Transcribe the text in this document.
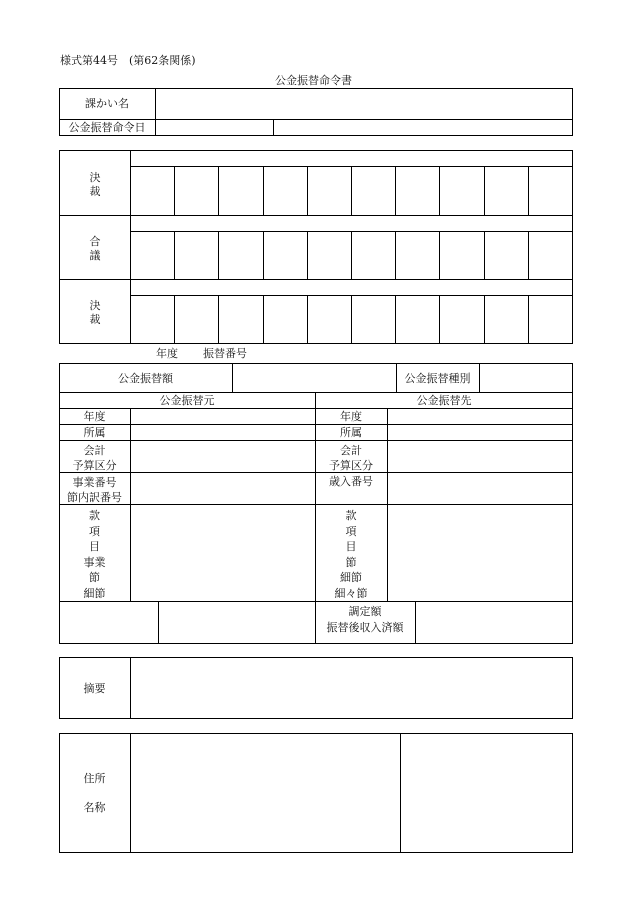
様式第44号　(第62条関係)
公金振替命令書
課かい名
公金振替命令日
決
裁
合
議
決
裁
年度 振替番号
公金振替額	公金振替種別
公金振替元	公金振替先
年度
所属
会計
予算区分
事業番号
節内訳番号
款
項
目
事業
節
細節
年度
所属
会計
予算区分
歳入番号
款
項
目
節
細節
細々節
調定額
振替後収入済額
摘要
住所
名称
